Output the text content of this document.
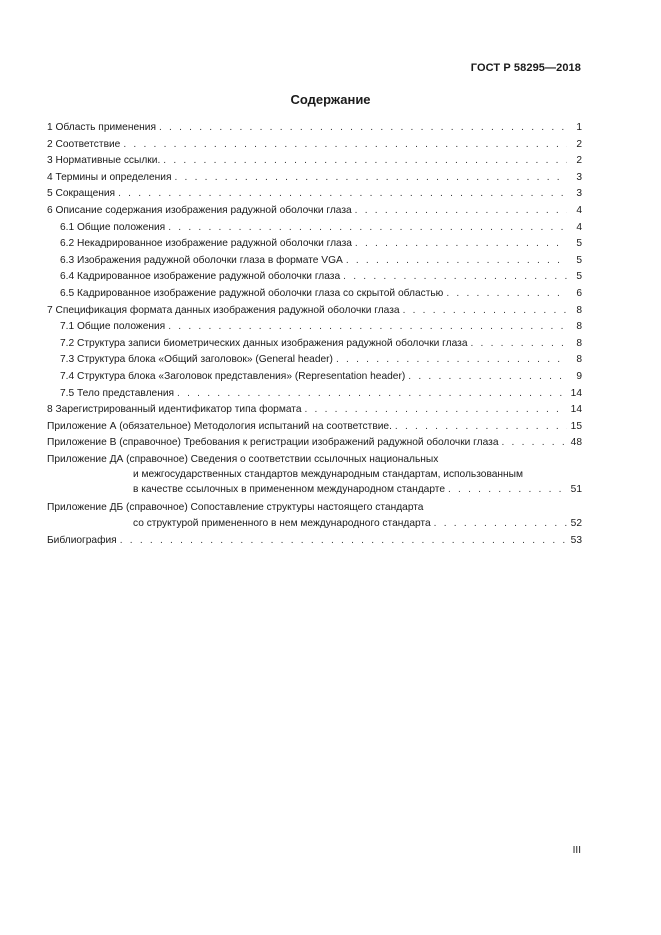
ГОСТ Р 58295—2018
Содержание
1 Область применения . . .	1
2 Соответствие . . .	2
3 Нормативные ссылки. . . .	2
4 Термины и определения . . .	3
5 Сокращения . . .	3
6 Описание содержания изображения радужной оболочки глаза . . .	4
6.1 Общие положения . . .	4
6.2 Некадрированное изображение радужной оболочки глаза . . .	5
6.3 Изображения радужной оболочки глаза в формате VGA . . .	5
6.4 Кадрированное изображение радужной оболочки глаза . . .	5
6.5 Кадрированное изображение радужной оболочки глаза со скрытой областью . . .	6
7 Спецификация формата данных изображения радужной оболочки глаза . . .	8
7.1 Общие положения . . .	8
7.2 Структура записи биометрических данных изображения радужной оболочки глаза . . .	8
7.3 Структура блока «Общий заголовок» (General header) . . .	8
7.4 Структура блока «Заголовок представления» (Representation header) . . .	9
7.5 Тело представления . . .	14
8 Зарегистрированный идентификатор типа формата . . .	14
Приложение А (обязательное) Методология испытаний на соответствие. . . .	15
Приложение В (справочное) Требования к регистрации изображений радужной оболочки глаза . . .	48
Приложение ДА (справочное) Сведения о соответствии ссылочных национальных
и межгосударственных стандартов международным стандартам, использованным
в качестве ссылочных в примененном международном стандарте . . .	51
Приложение ДБ (справочное) Сопоставление структуры настоящего стандарта
со структурой примененного в нем международного стандарта . . .	52
Библиография . . .	53
III
